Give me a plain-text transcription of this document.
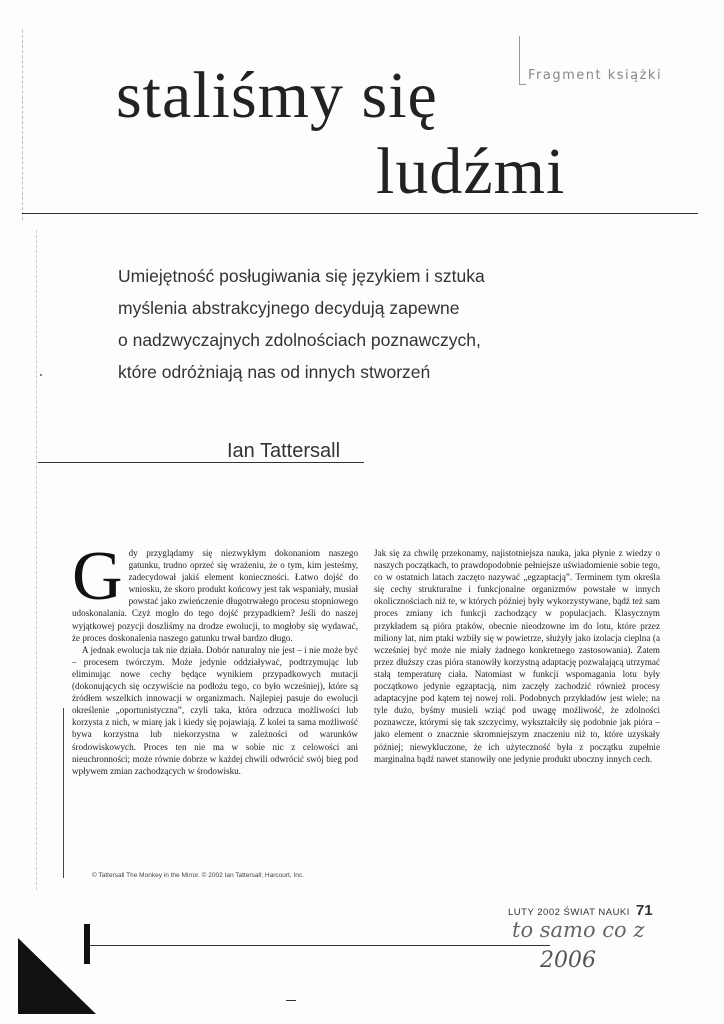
staliśmy się
ludźmi
Fragment książki

Umiejętność posługiwania się językiem i sztuka

myślenia abstrakcyjnego decydują zapewne

o nadzwyczajnych zdolnościach poznawczych,

które odróżniają nas od innych stworzeń

Ian Tattersall

Gdy przyglądamy się niezwykłym dokonaniom naszego gatunku, trudno oprzeć się wrażeniu, że o tym, kim jesteśmy, zadecydował jakiś element konieczności. Łatwo dojść do wniosku, że skoro produkt końcowy jest tak wspaniały, musiał powstać jako zwieńczenie długotrwałego procesu stopniowego udoskonalania. Czyż mogło do tego dojść przypadkiem? Jeśli do naszej wyjątkowej pozycji doszliśmy na drodze ewolucji, to mogłoby się wydawać, że proces doskonalenia naszego gatunku trwał bardzo długo.

A jednak ewolucja tak nie działa. Dobór naturalny nie jest – i nie może być – procesem twórczym. Może jedynie oddziaływać, podtrzymując lub eliminując nowe cechy będące wynikiem przypadkowych mutacji (dokonujących się oczywiście na podłożu tego, co było wcześniej), które są źródłem wszelkich innowacji w organizmach. Najlepiej pasuje do ewolucji określenie „oportunistyczna”, czyli taka, która odrzuca możliwości lub korzysta z nich, w miarę jak i kiedy się pojawiają. Z kolei ta sama możliwość bywa korzystna lub niekorzystna w zależności od warunków środowiskowych. Proces ten nie ma w sobie nic z celowości ani nieuchronności; może równie dobrze w każdej chwili odwrócić swój bieg pod wpływem zmian zachodzących w środowisku.

Jak się za chwilę przekonamy, najistotniejsza nauka, jaka płynie z wiedzy o naszych początkach, to prawdopodobnie pełniejsze uświadomienie sobie tego, co w ostatnich latach zaczęto nazywać „egzaptacją”. Terminem tym określa się cechy strukturalne i funkcjonalne organizmów powstałe w innych okolicznościach niż te, w których później były wykorzystywane, bądź też sam proces zmiany ich funkcji zachodzący w populacjach. Klasycznym przykładem są pióra ptaków, obecnie nieodzowne im do lotu, które przez miliony lat, nim ptaki wzbiły się w powietrze, służyły jako izolacja cieplna (a wcześniej być może nie miały żadnego konkretnego zastosowania). Zatem przez dłuższy czas pióra stanowiły korzystną adaptację pozwalającą utrzymać stałą temperaturę ciała. Natomiast w funkcji wspomagania lotu były początkowo jedynie egzaptacją, nim zaczęły zachodzić również procesy adaptacyjne pod kątem tej nowej roli. Podobnych przykładów jest wiele; na tyle dużo, byśmy musieli wziąć pod uwagę możliwość, że zdolności poznawcze, którymi się tak szczycimy, wykształciły się podobnie jak pióra – jako element o znacznie skromniejszym znaczeniu niż to, które uzyskały później; niewykluczone, że ich użyteczność była z początku zupełnie marginalna bądź nawet stanowiły one jedynie produkt uboczny innych cech.

© Tattersall The Monkey in the Mirror. © 2002 Ian Tattersall; Harcourt, Inc.
LUTY 2002 ŚWIAT NAUKI 71
to samo co z
2006
